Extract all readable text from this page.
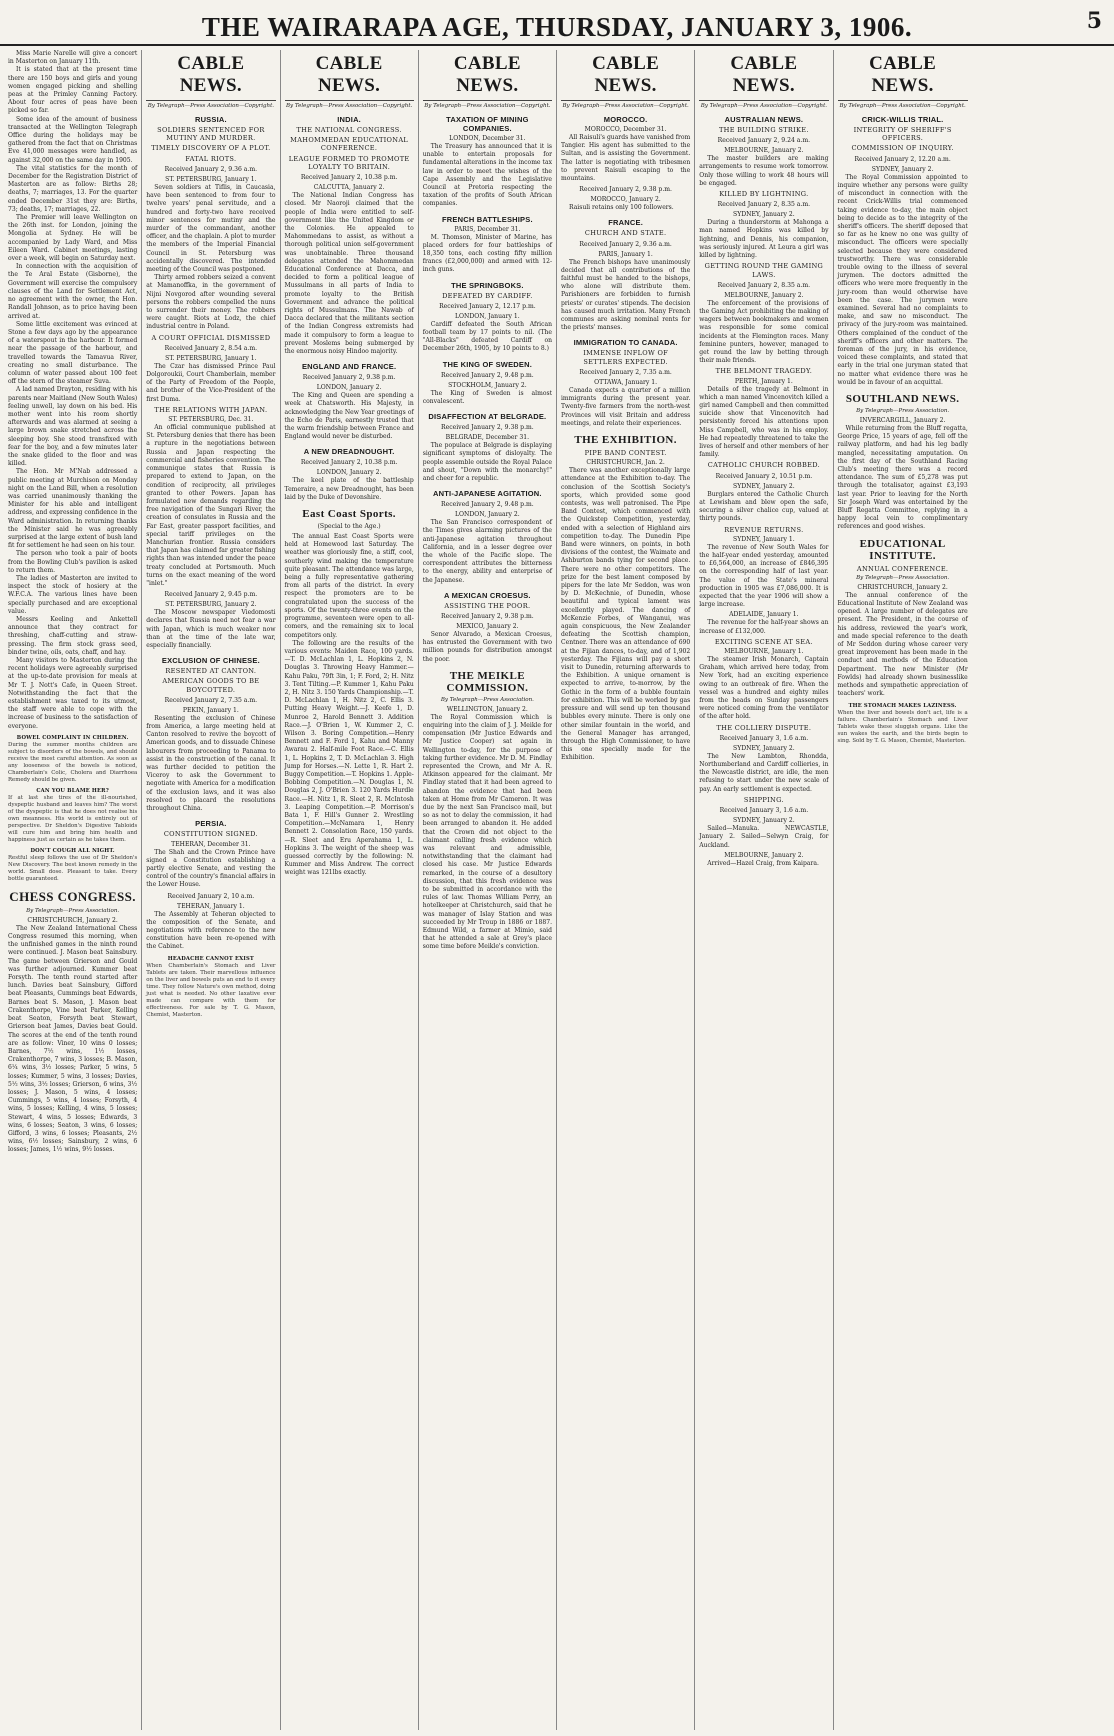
THE WAIRARAPA AGE, THURSDAY, JANUARY 3, 1906.	5

Miss Marie Narelle will give a concert in Masterton on January 11th.

It is stated that at the present time there are 150 boys and girls and young women engaged picking and shelling peas at the Primley Canning Factory. About four acres of peas have been picked so far.

Some idea of the amount of business transacted at the Wellington Telegraph Office during the holidays may be gathered from the fact that on Christmas Eve 41,000 messages were handled, as against 32,000 on the same day in 1905.

The vital statistics for the month of December for the Registration District of Masterton are as follow: Births 28; deaths, 7; marriages, 13. For the quarter ended December 31st they are: Births, 73; deaths, 17; marriages, 22.

The Premier will leave Wellington on the 26th inst. for London, joining the Mongolia at Sydney. He will be accompanied by Lady Ward, and Miss Eileen Ward. Cabinet meetings, lasting over a week, will begin on Saturday next.

In connection with the acquisition of the Te Aral Estate (Gisborne), the Government will exercise the compulsory clauses of the Land for Settlement Act, no agreement with the owner, the Hon. Randall Johnson, as to price having been arrived at.

Some little excitement was evinced at Stone a few days ago by the appearance of a waterspout in the harbour. It formed near the passage of the harbour, and travelled towards the Tamavua River, creating no small disturbance. The column of water passed about 100 feet off the stern of the steamer Suva.

A lad named Drayton, residing with his parents near Maitland (New South Wales) feeling unwell, lay down on his bed. His mother went into his room shortly afterwards and was alarmed at seeing a large brown snake stretched across the sleeping boy. She stood transfixed with fear for the boy, and a few minutes later the snake glided to the floor and was killed.

The Hon. Mr M'Nab addressed a public meeting at Murchison on Monday night on the Land Bill, when a resolution was carried unanimously thanking the Minister for his able and intelligent address, and expressing confidence in the Ward administration. In returning thanks the Minister said he was agreeably surprised at the large extent of bush land fit for settlement he had seen on his tour.

The person who took a pair of boots from the Bowling Club's pavilion is asked to return them.

The ladies of Masterton are invited to inspect the stock of hosiery at the W.F.C.A. The various lines have been specially purchased and are exceptional value.

Messrs Keeling and Ankettell announce that they contract for threshing, chaff-cutting and straw-pressing. The firm stock grass seed, binder twine, oils, oats, chaff, and hay.

Many visitors to Masterton during the recent holidays were agreeably surprised at the up-to-date provision for meals at Mr T. J. Nott's Cafe, in Queen Street. Notwithstanding the fact that the establishment was taxed to its utmost, the staff were able to cope with the increase of business to the satisfaction of everyone.

BOWEL COMPLAINT IN CHILDREN.

During the summer months children are subject to disorders of the bowels, and should receive the most careful attention. As soon as any looseness of the bowels is noticed, Chamberlain's Colic, Cholera and Diarrhoea Remedy should be given.

CAN YOU BLAME HER?

If at last she tires of the ill-nourished, dyspeptic husband and leaves him? The worst of the dyspeptic is that he does not realise his own meanness. His world is entirely out of perspective. Dr Sheldon's Digestive Tabloids will cure him and bring him health and happiness just as certain as he takes them.

DON'T COUGH ALL NIGHT.

Restful sleep follows the use of Dr Sheldon's New Discovery. The best known remedy in the world. Small dose. Pleasant to take. Every bottle guaranteed.

CHESS CONGRESS.
By Telegraph—Press Association.
CHRISTCHURCH, January 2.

The New Zealand International Chess Congress resumed this morning, when the unfinished games in the ninth round were continued. J. Mason beat Sainsbury. The game between Grierson and Gould was further adjourned. Kummer beat Forsyth. The tenth round started after lunch. Davies beat Sainsbury, Gifford beat Pleasants, Cummings beat Edwards, Barnes beat S. Mason, J. Mason beat Crakenthorpe, Vine beat Parker, Kelling beat Seaton, Forsyth beat Stewart, Grierson beat James, Davies beat Gould. The scores at the end of the tenth round are as follow: Viner, 10 wins 0 losses; Barnes, 7½ wins, 1½ losses, Crakenthorpe, 7 wins, 3 losses; B. Mason, 6¼ wins, 3½ losses; Parker, 5 wins, 5 losses; Kummer, 5 wins, 3 losses; Davies, 5½ wins, 3½ losses; Grierson, 6 wins, 3½ losses; J. Mason, 5 wins, 4 losses; Cummings, 5 wins, 4 losses; Forsyth, 4 wins, 5 losses; Kelling, 4 wins, 5 losses; Stewart, 4 wins, 5 losses; Edwards, 3 wins, 6 losses; Seaton, 3 wins, 6 losses; Gifford, 3 wins, 6 losses; Pleasants, 2½ wins, 6½ losses; Sainsbury, 2 wins, 6 losses; James, 1½ wins, 9½ losses.

CABLE NEWS.
By Telegraph—Press Association—Copyright.
RUSSIA.
SOLDIERS SENTENCED FOR MUTINY AND MURDER.
TIMELY DISCOVERY OF A PLOT.
FATAL RIOTS.
Received January 2, 9.36 a.m.
ST. PETERSBURG, January 1.

Seven soldiers at Tiflis, in Caucasia, have been sentenced to from four to twelve years' penal servitude, and a hundred and forty-two have received minor sentences for mutiny and the murder of the commandant, another officer, and the chaplain. A plot to murder the members of the Imperial Financial Council in St. Petersburg was accidentally discovered. The intended meeting of the Council was postponed.

Thirty armed robbers seized a convent at Mamanoffka, in the government of Nijni Novgorod after wounding several persons the robbers compelled the nuns to surrender their money. The robbers were caught. Riots at Lodz, the chief industrial centre in Poland.

A COURT OFFICIAL DISMISSED
Received January 2, 8.54 a.m.
ST. PETERSBURG, January 1.

The Czar has dismissed Prince Paul Dolgoroukii, Court Chamberlain, member of the Party of Freedom of the People, and brother of the Vice-President of the first Duma.

THE RELATIONS WITH JAPAN.
ST. PETERSBURG, Dec. 31.

An official communique published at St. Petersburg denies that there has been a rupture in the negotiations between Russia and Japan respecting the commercial and fisheries convention. The communique states that Russia is prepared to extend to Japan, on the condition of reciprocity, all privileges granted to other Powers. Japan has formulated new demands regarding the free navigation of the Sungari River, the creation of consulates in Russia and the Far East, greater passport facilities, and special tariff privileges on the Manchurian frontier. Russia considers that Japan has claimed far greater fishing rights than was intended under the peace treaty concluded at Portsmouth. Much turns on the exact meaning of the word "inlet."

Received January 2, 9.45 p.m.
ST. PETERSBURG, January 2.

The Moscow newspaper Viedomosti declares that Russia need not fear a war with Japan, which is much weaker now than at the time of the late war, especially financially.

EXCLUSION OF CHINESE.
RESENTED AT CANTON.
AMERICAN GOODS TO BE BOYCOTTED.
Received January 2, 7.35 a.m.
PEKIN, January 1.

Resenting the exclusion of Chinese from America, a large meeting held at Canton resolved to revive the boycott of American goods, and to dissuade Chinese labourers from proceeding to Panama to assist in the construction of the canal. It was further decided to petition the Viceroy to ask the Government to negotiate with America for a modification of the exclusion laws, and it was also resolved to placard the resolutions throughout China.

PERSIA.
CONSTITUTION SIGNED.
TEHERAN, December 31.

The Shah and the Crown Prince have signed a Constitution establishing a partly elective Senate, and vesting the control of the country's financial affairs in the Lower House.

Received January 2, 10 a.m.
TEHERAN, January 1.

The Assembly at Teheran objected to the composition of the Senate, and negotiations with reference to the new constitution have been re-opened with the Cabinet.

HEADACHE CANNOT EXIST

When Chamberlain's Stomach and Liver Tablets are taken. Their marvellous influence on the liver and bowels puts an end to it every time. They follow Nature's own method, doing just what is needed. No other laxative ever made can compare with them for effectiveness. For sale by T. G. Mason, Chemist, Masterton.

CABLE NEWS.
By Telegraph—Press Association—Copyright.
INDIA.
THE NATIONAL CONGRESS.
MAHOMMEDAN EDUCATIONAL CONFERENCE.
LEAGUE FORMED TO PROMOTE LOYALTY TO BRITAIN.
Received January 2, 10.38 p.m.
CALCUTTA, January 2.

The National Indian Congress has closed. Mr Naoroji claimed that the people of India were entitled to self-government like the United Kingdom or the Colonies. He appealed to Mahommedans to assist, as without a thorough political union self-government was unobtainable. Three thousand delegates attended the Mahommedan Educational Conference at Dacca, and decided to form a political league of Mussulmans in all parts of India to promote loyalty to the British Government and advance the political rights of Mussulmans. The Nawab of Dacca declared that the militants section of the Indian Congress extremists had made it compulsory to form a league to prevent Moslems being submerged by the enormous noisy Hindoo majority.

ENGLAND AND FRANCE.
Received January 2, 9.38 p.m.
LONDON, January 2.

The King and Queen are spending a week at Chatsworth. His Majesty, in acknowledging the New Year greetings of the Echo de Paris, earnestly trusted that the warm friendship between France and England would never be disturbed.

A NEW DREADNOUGHT.
Received January 2, 10.38 p.m.
LONDON, January 2.

The keel plate of the battleship Temeraire, a new Dreadnought, has been laid by the Duke of Devonshire.

East Coast Sports.
(Special to the Age.)

The annual East Coast Sports were held at Homewood last Saturday. The weather was gloriously fine, a stiff, cool, southerly wind making the temperature quite pleasant. The attendance was large, being a fully representative gathering from all parts of the district. In every respect the promoters are to be congratulated upon the success of the sports. Of the twenty-three events on the programme, seventeen were open to all-comers, and the remaining six to local competitors only.

The following are the results of the various events: Maiden Race, 100 yards.—T. D. McLachlan 1, L. Hopkins 2, N. Douglas 3. Throwing Heavy Hammer.—Kahu Paku, 79ft 3in, 1; F. Ford, 2; H. Nitz 3. Tent Tilting.—P. Kummer 1, Kahu Paku 2, H. Nitz 3. 150 Yards Championship.—T. D. McLachlan 1, H. Nitz 2, C. Ellis 3. Putting Heavy Weight.—J. Keefe 1, D. Munroe 2, Harold Bennett 3. Addition Race.—J. O'Brien 1, W. Kummer 2, C. Wilson 3. Boring Competition.—Henry Bennett and F. Ford 1, Kahu and Manny Awarau 2. Half-mile Foot Race.—C. Ellis 1, L. Hopkins 2, T. D. McLachlan 3. High Jump for Horses.—N. Lette 1, R. Hart 2. Buggy Competition.—T. Hopkins 1. Apple-Bobbing Competition.—N. Douglas 1, N. Douglas 2, J. O'Brien 3. 120 Yards Hurdle Race.—H. Nitz 1, R. Sleet 2, R. McIntosh 3. Leaping Competition.—P. Morrison's Bata 1, F. Hill's Gunner 2. Wrestling Competition.—McNamara 1, Henry Bennett 2. Consolation Race, 150 yards.—R. Sleet and Eru Aperahama 1, L. Hopkins 3. The weight of the sheep was guessed correctly by the following: N. Kummer and Miss Andrew. The correct weight was 121lbs exactly.

CABLE NEWS.
By Telegraph—Press Association—Copyright.
TAXATION OF MINING COMPANIES.
LONDON, December 31.

The Treasury has announced that it is unable to entertain proposals for fundamental alterations in the income tax law in order to meet the wishes of the Cape Assembly and the Legislative Council at Pretoria respecting the taxation of the profits of South African companies.

FRENCH BATTLESHIPS.
PARIS, December 31.

M. Thomson, Minister of Marine, has placed orders for four battleships of 18,350 tons, each costing fifty million francs (£2,000,000) and armed with 12-inch guns.

THE SPRINGBOKS.
DEFEATED BY CARDIFF.
Received January 2, 12.17 p.m.
LONDON, January 1.

Cardiff defeated the South African football team by 17 points to nil. (The "All-Blacks" defeated Cardiff on December 26th, 1905, by 10 points to 8.)

THE KING OF SWEDEN.
Received January 2, 9.48 p.m.
STOCKHOLM, January 2.

The King of Sweden is almost convalescent.

DISAFFECTION AT BELGRADE.
Received January 2, 9.38 p.m.
BELGRADE, December 31.

The populace at Belgrade is displaying significant symptoms of disloyalty. The people assemble outside the Royal Palace and shout, "Down with the monarchy!" and cheer for a republic.

ANTI-JAPANESE AGITATION.
Received January 2, 9.48 p.m.
LONDON, January 2.

The San Francisco correspondent of the Times gives alarming pictures of the anti-Japanese agitation throughout California, and in a lesser degree over the whole of the Pacific slope. The correspondent attributes the bitterness to the energy, ability and enterprise of the Japanese.

A MEXICAN CROESUS.
ASSISTING THE POOR.
Received January 2, 9.38 p.m.
MEXICO, January 2.

Senor Alvarado, a Mexican Croesus, has entrusted the Government with two million pounds for distribution amongst the poor.

THE MEIKLE COMMISSION.
By Telegraph—Press Association.
WELLINGTON, January 2.

The Royal Commission which is enquiring into the claim of J. J. Meikle for compensation (Mr Justice Edwards and Mr Justice Cooper) sat again in Wellington to-day, for the purpose of taking further evidence. Mr D. M. Findlay represented the Crown, and Mr A. R. Atkinson appeared for the claimant. Mr Findlay stated that it had been agreed to abandon the evidence that had been taken at Home from Mr Cameron. It was due by the next San Francisco mail, but so as not to delay the commission, it had been arranged to abandon it. He added that the Crown did not object to the claimant calling fresh evidence which was relevant and admissible, notwithstanding that the claimant had closed his case. Mr Justice Edwards remarked, in the course of a desultory discussion, that this fresh evidence was to be submitted in accordance with the rules of law. Thomas William Perry, an hotelkeeper at Christchurch, said that he was manager of Islay Station and was succeeded by Mr Troup in 1886 or 1887. Edmund Wild, a farmer at Mimio, said that he attended a sale at Grey's place some time before Meikle's conviction.

CABLE NEWS.
By Telegraph—Press Association—Copyright.
MOROCCO.
MOROCCO, December 31.

All Raisuli's guards have vanished from Tangier. His agent has submitted to the Sultan, and is assisting the Government. The latter is negotiating with tribesmen to prevent Raisuli escaping to the mountains.

Received January 2, 9.38 p.m.
MOROCCO, January 2.

Raisuli retains only 100 followers.

FRANCE.
CHURCH AND STATE.
Received January 2, 9.36 a.m.
PARIS, January 1.

The French bishops have unanimously decided that all contributions of the faithful must be handed to the bishops, who alone will distribute them. Parishioners are forbidden to furnish priests' or curates' stipends. The decision has caused much irritation. Many French communes are asking nominal rents for the priests' manses.

IMMIGRATION TO CANADA.
IMMENSE INFLOW OF SETTLERS EXPECTED.
Received January 2, 7.35 a.m.
OTTAWA, January 1.

Canada expects a quarter of a million immigrants during the present year. Twenty-five farmers from the north-west Provinces will visit Britain and address meetings, and relate their experiences.

THE EXHIBITION.
PIPE BAND CONTEST.
CHRISTCHURCH, Jan. 2.

There was another exceptionally large attendance at the Exhibition to-day. The conclusion of the Scottish Society's sports, which provided some good contests, was well patronised. The Pipe Band Contest, which commenced with the Quickstep Competition, yesterday, ended with a selection of Highland airs competition to-day. The Dunedin Pipe Band were winners, on points, in both divisions of the contest, the Waimate and Ashburton bands tying for second place. There were no other competitors. The prize for the best lament composed by pipers for the late Mr Seddon, was won by D. McKechnie, of Dunedin, whose beautiful and typical lament was excellently played. The dancing of McKenzie Forbes, of Wanganui, was again conspicuous, the New Zealander defeating the Scottish champion, Centner. There was an attendance of 690 at the Fijian dances, to-day, and of 1,902 yesterday. The Fijians will pay a short visit to Dunedin, returning afterwards to the Exhibition. A unique ornament is expected to arrive, to-morrow, by the Gothic in the form of a bubble fountain for exhibition. This will be worked by gas pressure and will send up ten thousand bubbles every minute. There is only one other similar fountain in the world, and the General Manager has arranged, through the High Commissioner, to have this one specially made for the Exhibition.

CABLE NEWS.
By Telegraph—Press Association—Copyright.
AUSTRALIAN NEWS.
THE BUILDING STRIKE.
Received January 2, 9.24 a.m.
MELBOURNE, January 2.

The master builders are making arrangements to resume work tomorrow. Only those willing to work 48 hours will be engaged.

KILLED BY LIGHTNING.
Received January 2, 8.35 a.m.
SYDNEY, January 2.

During a thunderstorm at Mahonga a man named Hopkins was killed by lightning, and Dennis, his companion, was seriously injured. At Leura a girl was killed by lightning.

GETTING ROUND THE GAMING LAWS.
Received January 2, 8.35 a.m.
MELBOURNE, January 2.

The enforcement of the provisions of the Gaming Act prohibiting the making of wagers between bookmakers and women was responsible for some comical incidents at the Flemington races. Many feminine punters, however, managed to get round the law by betting through their male friends.

THE BELMONT TRAGEDY.
PERTH, January 1.

Details of the tragedy at Belmont in which a man named Vincenovitch killed a girl named Campbell and then committed suicide show that Vincenovitch had persistently forced his attentions upon Miss Campbell, who was in his employ. He had repeatedly threatened to take the lives of herself and other members of her family.

CATHOLIC CHURCH ROBBED.
Received January 2, 10.51 p.m.
SYDNEY, January 2.

Burglars entered the Catholic Church at Lewisham and blew open the safe, securing a silver chalice cup, valued at thirty pounds.

REVENUE RETURNS.
SYDNEY, January 1.

The revenue of New South Wales for the half-year ended yesterday, amounted to £6,564,000, an increase of £846,395 on the corresponding half of last year. The value of the State's mineral production in 1905 was £7,086,000. It is expected that the year 1906 will show a large increase.

ADELAIDE, January 1.

The revenue for the half-year shows an increase of £132,000.

EXCITING SCENE AT SEA.
MELBOURNE, January 1.

The steamer Irish Monarch, Captain Graham, which arrived here today, from New York, had an exciting experience owing to an outbreak of fire. When the vessel was a hundred and eighty miles from the heads on Sunday passengers were noticed coming from the ventilator of the after hold.

THE COLLIERY DISPUTE.
Received January 3, 1.6 a.m.
SYDNEY, January 2.

The New Lambton, Rhondda, Northumberland and Cardiff collieries, in the Newcastle district, are idle, the men refusing to start under the new scale of pay. An early settlement is expected.

SHIPPING.
Received January 3, 1.6 a.m.
SYDNEY, January 2.

Sailed—Manuka. NEWCASTLE, January 2. Sailed—Selwyn Craig, for Auckland.

MELBOURNE, January 2.

Arrived—Hazel Craig, from Kaipara.

CABLE NEWS.
By Telegraph—Press Association—Copyright.
CRICK-WILLIS TRIAL.
INTEGRITY OF SHERIFF'S OFFICERS.
COMMISSION OF INQUIRY.
Received January 2, 12.20 a.m.
SYDNEY, January 2.

The Royal Commission appointed to inquire whether any persons were guilty of misconduct in connection with the recent Crick-Willis trial commenced taking evidence to-day, the main object being to decide as to the integrity of the sheriff's officers. The sheriff deposed that so far as he knew no one was guilty of misconduct. The officers were specially selected because they were considered trustworthy. There was considerable trouble owing to the illness of several jurymen. The doctors admitted the officers who were more frequently in the jury-room than would otherwise have been the case. The jurymen were examined. Several had no complaints to make, and saw no misconduct. The privacy of the jury-room was maintained. Others complained of the conduct of the sheriff's officers and other matters. The foreman of the jury, in his evidence, voiced these complaints, and stated that early in the trial one juryman stated that no matter what evidence there was he would be in favour of an acquittal.

SOUTHLAND NEWS.
By Telegraph—Press Association.
INVERCARGILL, January 2.

While returning from the Bluff regatta, George Price, 15 years of age, fell off the railway platform, and had his leg badly mangled, necessitating amputation. On the first day of the Southland Racing Club's meeting there was a record attendance. The sum of £5,278 was put through the totalisator, against £3,193 last year. Prior to leaving for the North Sir Joseph Ward was entertained by the Bluff Regatta Committee, replying in a happy local vein to complimentary references and good wishes.

EDUCATIONAL INSTITUTE.
ANNUAL CONFERENCE.
By Telegraph—Press Association.
CHRISTCHURCH, January 2.

The annual conference of the Educational Institute of New Zealand was opened. A large number of delegates are present. The President, in the course of his address, reviewed the year's work, and made special reference to the death of Mr Seddon during whose career very great improvement has been made in the conduct and methods of the Education Department. The new Minister (Mr Fowlds) had already shown businesslike methods and sympathetic appreciation of teachers' work.

THE STOMACH MAKES LAZINESS.

When the liver and bowels don't act, life is a failure. Chamberlain's Stomach and Liver Tablets wake these sluggish organs. Like the sun wakes the earth, and the birds begin to sing. Sold by T. G. Mason, Chemist, Masterton.
